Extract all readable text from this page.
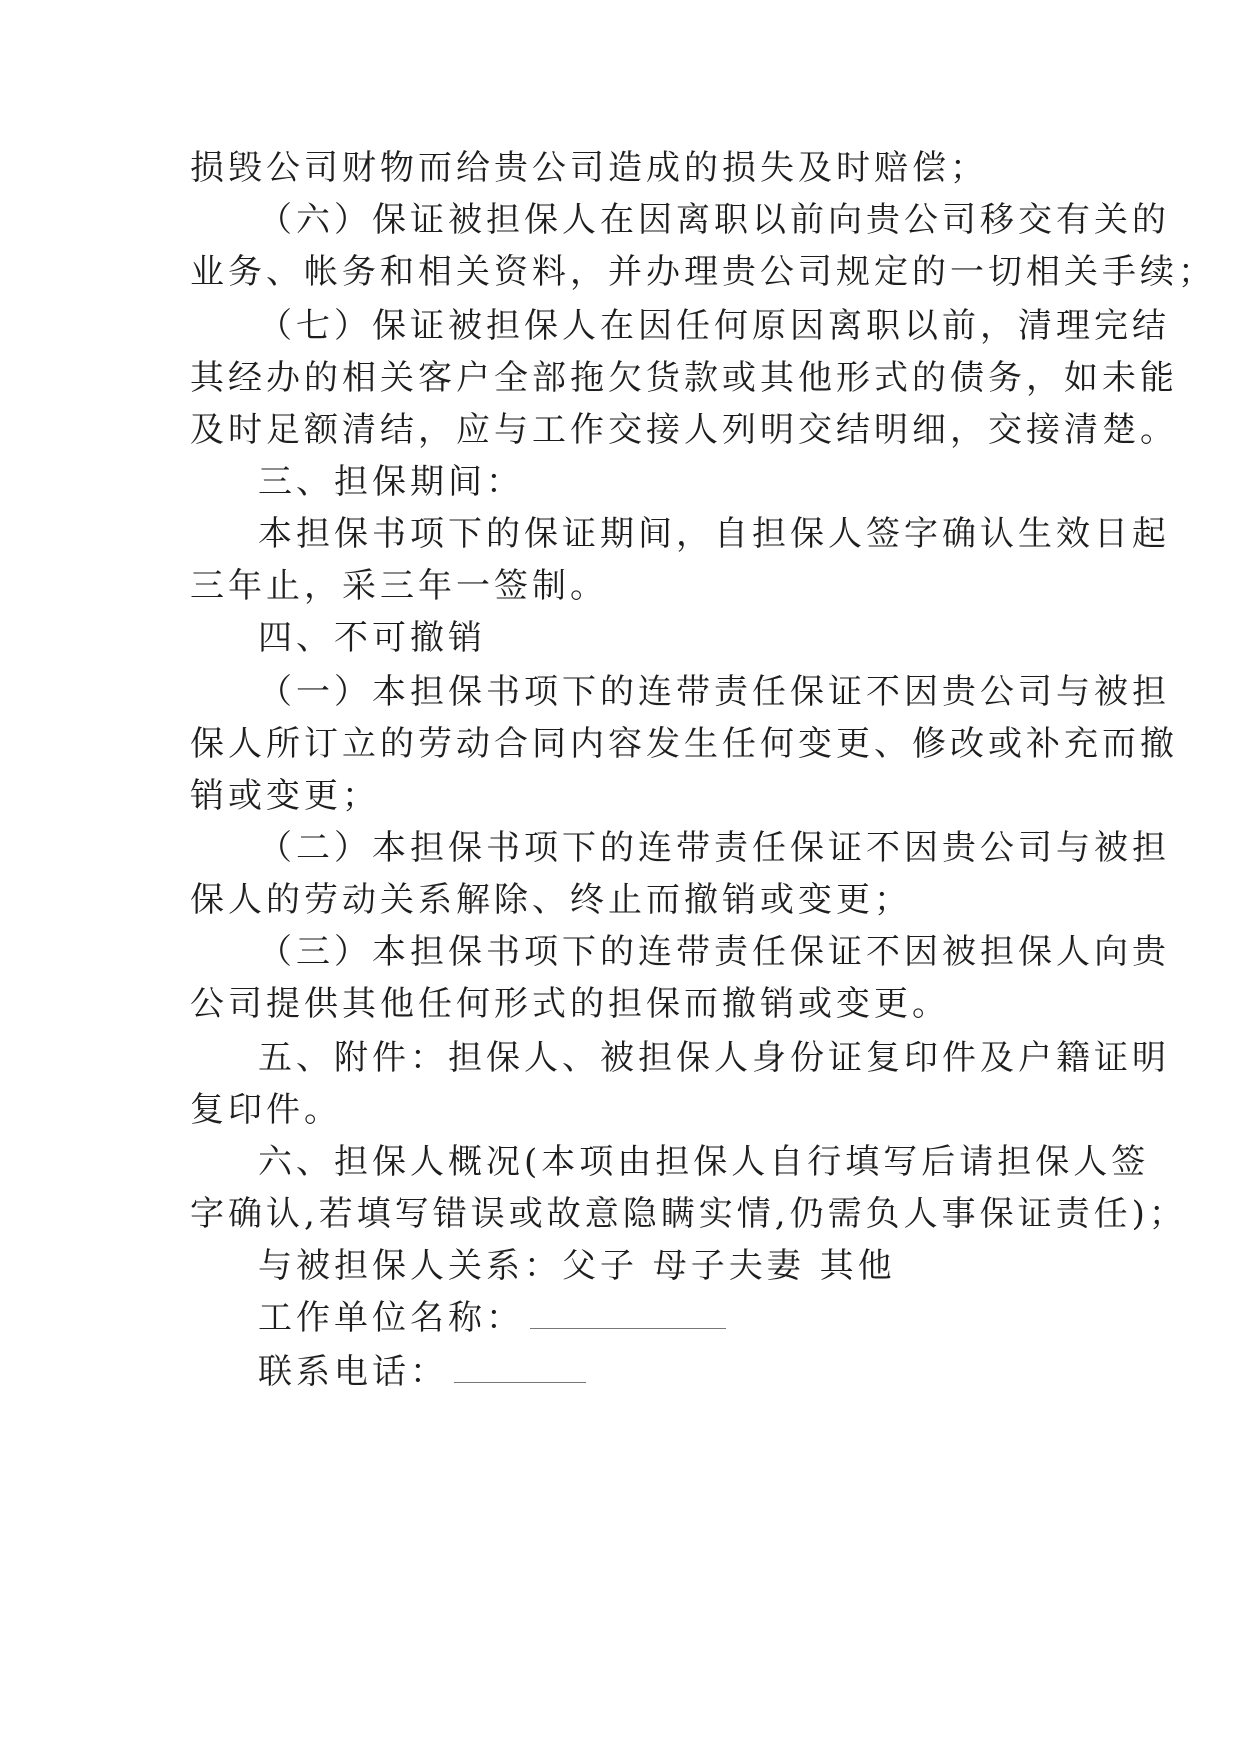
损毁公司财物而给贵公司造成的损失及时赔偿；
（六）保证被担保人在因离职以前向贵公司移交有关的
业务、帐务和相关资料，并办理贵公司规定的一切相关手续；
（七）保证被担保人在因任何原因离职以前，清理完结
其经办的相关客户全部拖欠货款或其他形式的债务，如未能
及时足额清结，应与工作交接人列明交结明细，交接清楚。
三、担保期间：
本担保书项下的保证期间，自担保人签字确认生效日起
三年止，采三年一签制。
四、不可撤销
（一）本担保书项下的连带责任保证不因贵公司与被担
保人所订立的劳动合同内容发生任何变更、修改或补充而撤
销或变更；
（二）本担保书项下的连带责任保证不因贵公司与被担
保人的劳动关系解除、终止而撤销或变更；
（三）本担保书项下的连带责任保证不因被担保人向贵
公司提供其他任何形式的担保而撤销或变更。
五、附件：担保人、被担保人身份证复印件及户籍证明
复印件。
六、担保人概况(本项由担保人自行填写后请担保人签
字确认,若填写错误或故意隐瞒实情,仍需负人事保证责任)；
与被担保人关系：父子 母子夫妻 其他
工作单位名称：
联系电话：
